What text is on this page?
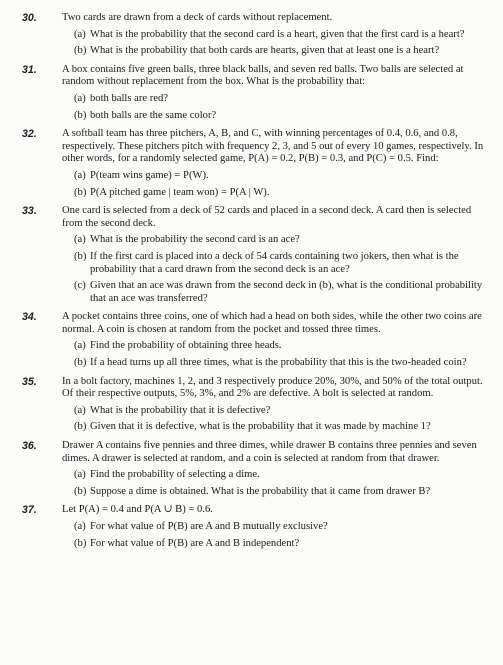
30. Two cards are drawn from a deck of cards without replacement.

(a) What is the probability that the second card is a heart, given that the first card is a heart?
(b) What is the probability that both cards are hearts, given that at least one is a heart?
31. A box contains five green balls, three black balls, and seven red balls. Two balls are selected at random without replacement from the box. What is the probability that:

(a) both balls are red?
(b) both balls are the same color?
32. A softball team has three pitchers, A, B, and C, with winning percentages of 0.4, 0.6, and 0.8, respectively. These pitchers pitch with frequency 2, 3, and 5 out of every 10 games, respectively. In other words, for a randomly selected game, P(A) = 0.2, P(B) = 0.3, and P(C) = 0.5. Find:

(a) P(team wins game) = P(W).
(b) P(A pitched game | team won) = P(A | W).
33. One card is selected from a deck of 52 cards and placed in a second deck. A card then is selected from the second deck.

(a) What is the probability the second card is an ace?
(b) If the first card is placed into a deck of 54 cards containing two jokers, then what is the probability that a card drawn from the second deck is an ace?
(c) Given that an ace was drawn from the second deck in (b), what is the conditional probability that an ace was transferred?
34. A pocket contains three coins, one of which had a head on both sides, while the other two coins are normal. A coin is chosen at random from the pocket and tossed three times.

(a) Find the probability of obtaining three heads.
(b) If a head turns up all three times, what is the probability that this is the two-headed coin?
35. In a bolt factory, machines 1, 2, and 3 respectively produce 20%, 30%, and 50% of the total output. Of their respective outputs, 5%, 3%, and 2% are defective. A bolt is selected at random.

(a) What is the probability that it is defective?
(b) Given that it is defective, what is the probability that it was made by machine 1?
36. Drawer A contains five pennies and three dimes, while drawer B contains three pennies and seven dimes. A drawer is selected at random, and a coin is selected at random from that drawer.

(a) Find the probability of selecting a dime.
(b) Suppose a dime is obtained. What is the probability that it came from drawer B?
37. Let P(A) = 0.4 and P(A ∪ B) = 0.6.

(a) For what value of P(B) are A and B mutually exclusive?
(b) For what value of P(B) are A and B independent?
